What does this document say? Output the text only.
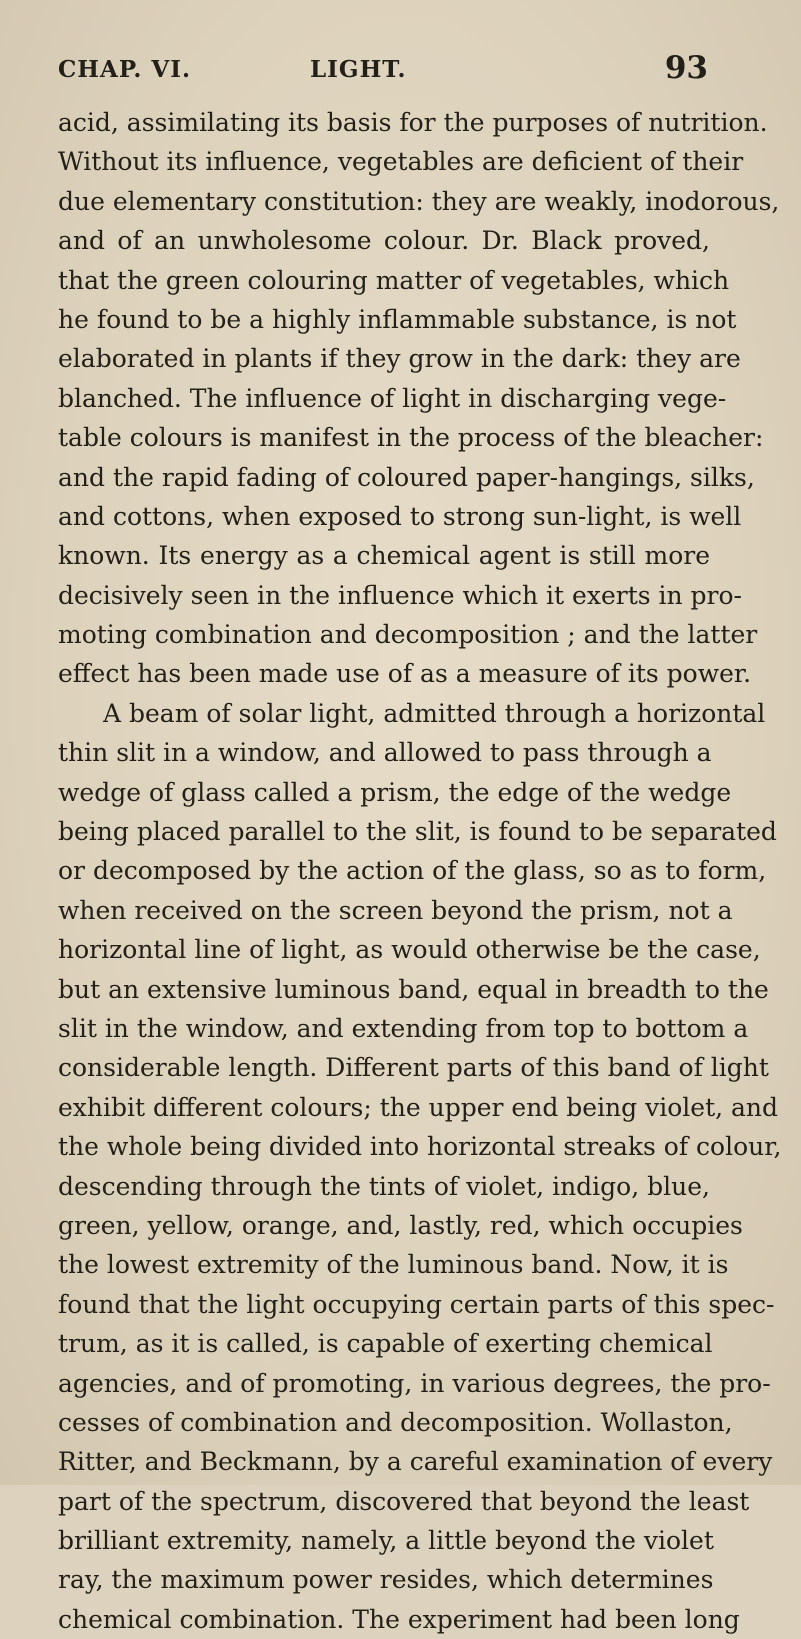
CHAP. VI.	LIGHT.	93
acid, assimilating its basis for the purposes of nutrition.
Without its influence, vegetables are deficient of their
due elementary constitution: they are weakly, inodorous,
and of an unwholesome colour. Dr. Black proved,
that the green colouring matter of vegetables, which
he found to be a highly inflammable substance, is not
elaborated in plants if they grow in the dark: they are
blanched. The influence of light in discharging vege-
table colours is manifest in the process of the bleacher:
and the rapid fading of coloured paper-hangings, silks,
and cottons, when exposed to strong sun-light, is well
known. Its energy as a chemical agent is still more
decisively seen in the influence which it exerts in pro-
moting combination and decomposition ; and the latter
effect has been made use of as a measure of its power.
A beam of solar light, admitted through a horizontal
thin slit in a window, and allowed to pass through a
wedge of glass called a prism, the edge of the wedge
being placed parallel to the slit, is found to be separated
or decomposed by the action of the glass, so as to form,
when received on the screen beyond the prism, not a
horizontal line of light, as would otherwise be the case,
but an extensive luminous band, equal in breadth to the
slit in the window, and extending from top to bottom a
considerable length. Different parts of this band of light
exhibit different colours; the upper end being violet, and
the whole being divided into horizontal streaks of colour,
descending through the tints of violet, indigo, blue,
green, yellow, orange, and, lastly, red, which occupies
the lowest extremity of the luminous band. Now, it is
found that the light occupying certain parts of this spec-
trum, as it is called, is capable of exerting chemical
agencies, and of promoting, in various degrees, the pro-
cesses of combination and decomposition. Wollaston,
Ritter, and Beckmann, by a careful examination of every
part of the spectrum, discovered that beyond the least
brilliant extremity, namely, a little beyond the violet
ray, the maximum power resides, which determines
chemical combination. The experiment had been long
